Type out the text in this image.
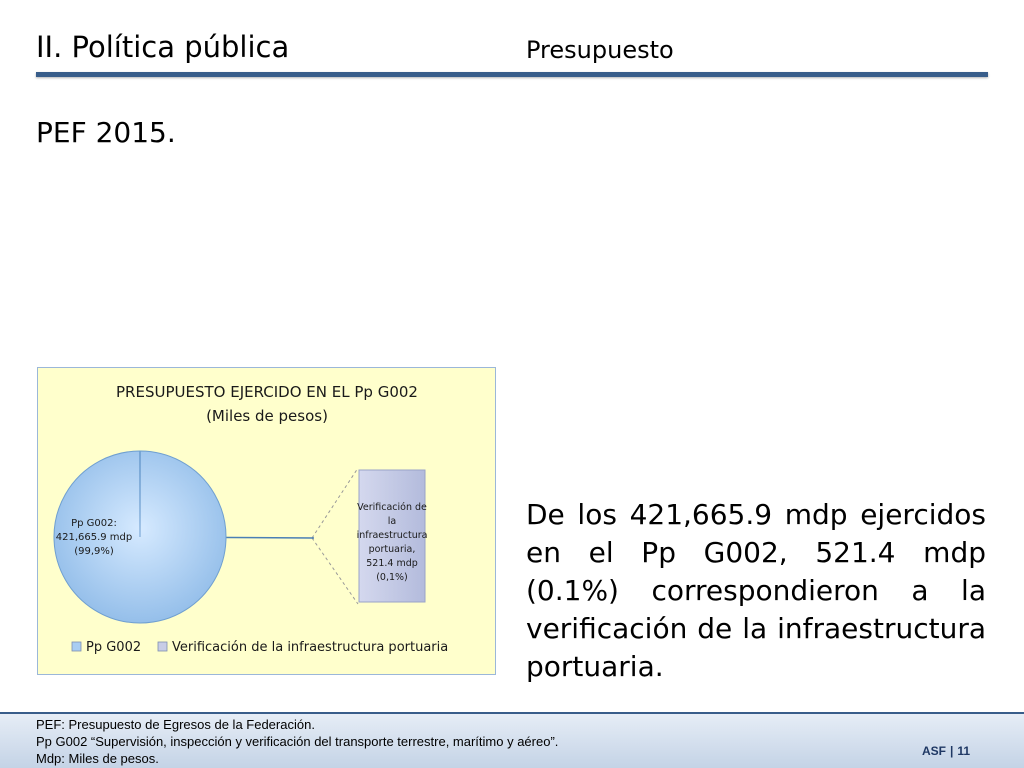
II. Política pública	Presupuesto
PEF 2015.
PRESUPUESTO EJERCIDO EN EL Pp G002
(Miles de pesos)
Pp G002:
421,665.9 mdp
(99,9%)
Verificación de
la
infraestructura
portuaria,
521.4 mdp
(0,1%)
Pp G002 Verificación de la infraestructura portuaria
De los 421,665.9 mdp ejercidos en el Pp G002, 521.4 mdp (0.1%) correspondieron a la verificación de la infraestructura portuaria.
PEF: Presupuesto de Egresos de la Federación.
Pp G002 “Supervisión, inspección y verificación del transporte terrestre, marítimo y aéreo”.
Mdp: Miles de pesos.	ASF | 11
